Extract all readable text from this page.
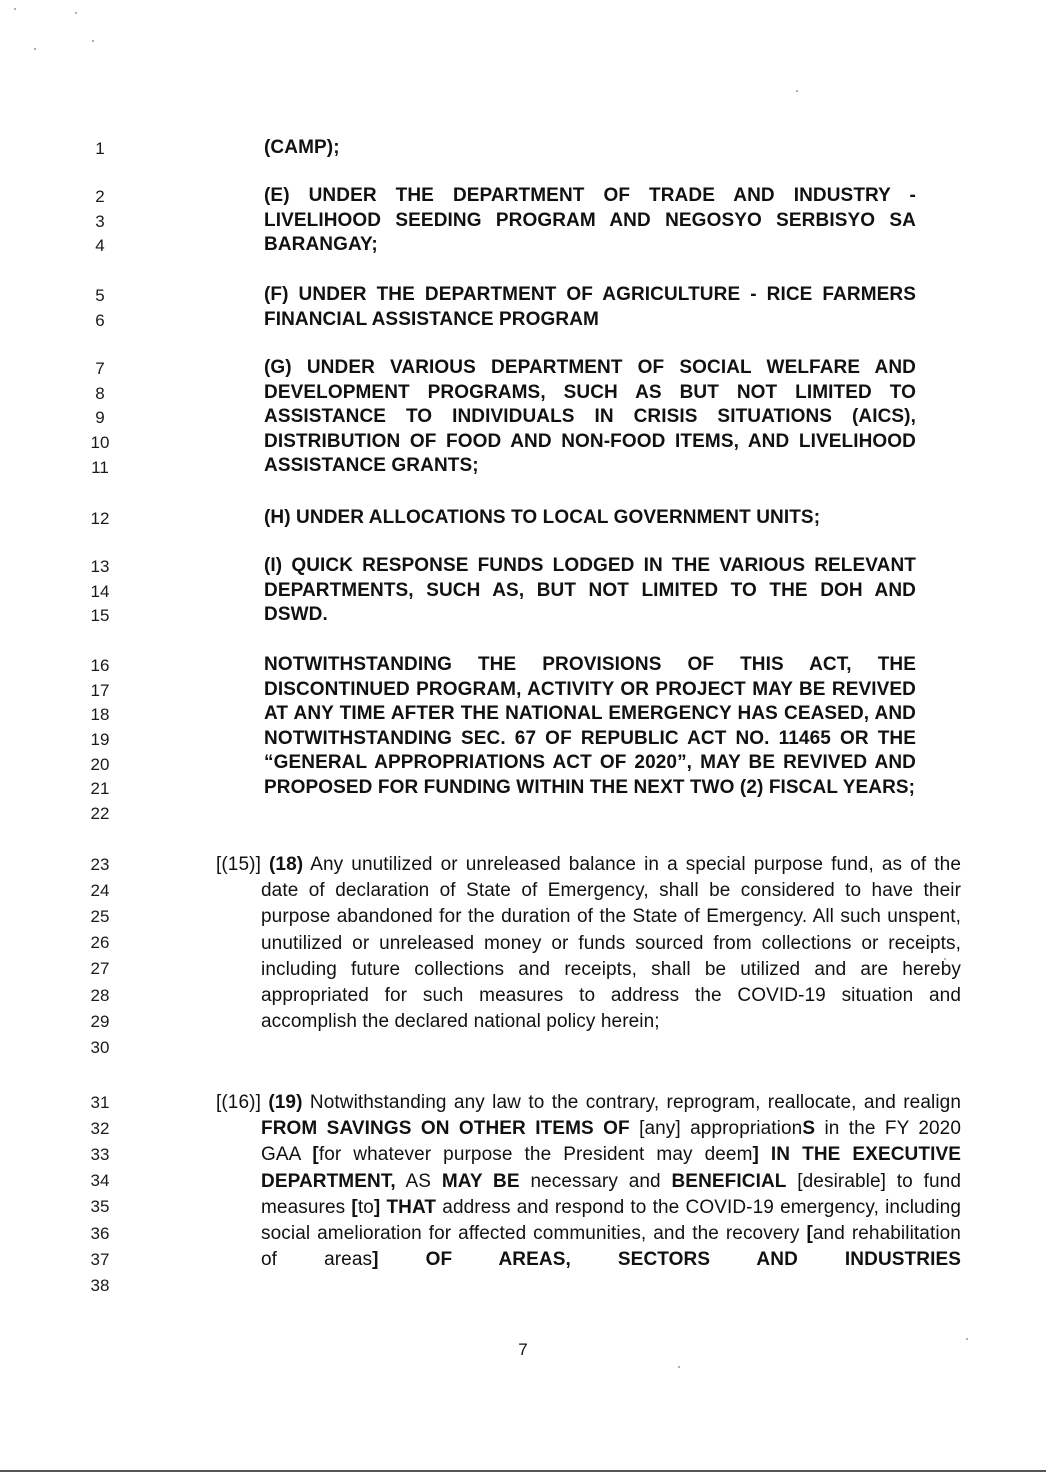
1
2
3
4
5
6
7
8
9
10
11
12
13
14
15
16
17
18
19
20
21
22
23
24
25
26
27
28
29
30
31
32
33
34
35
36
37
38
(CAMP);
(E) UNDER THE DEPARTMENT OF TRADE AND INDUSTRY - LIVELIHOOD SEEDING PROGRAM AND NEGOSYO SERBISYO SA BARANGAY;
(F) UNDER THE DEPARTMENT OF AGRICULTURE - RICE FARMERS FINANCIAL ASSISTANCE PROGRAM
(G) UNDER VARIOUS DEPARTMENT OF SOCIAL WELFARE AND DEVELOPMENT PROGRAMS, SUCH AS BUT NOT LIMITED TO ASSISTANCE TO INDIVIDUALS IN CRISIS SITUATIONS (AICS), DISTRIBUTION OF FOOD AND NON-FOOD ITEMS, AND LIVELIHOOD ASSISTANCE GRANTS;
(H) UNDER ALLOCATIONS TO LOCAL GOVERNMENT UNITS;
(I) QUICK RESPONSE FUNDS LODGED IN THE VARIOUS RELEVANT DEPARTMENTS, SUCH AS, BUT NOT LIMITED TO THE DOH AND DSWD.
NOTWITHSTANDING THE PROVISIONS OF THIS ACT, THE DISCONTINUED PROGRAM, ACTIVITY OR PROJECT MAY BE REVIVED AT ANY TIME AFTER THE NATIONAL EMERGENCY HAS CEASED, AND NOTWITHSTANDING SEC. 67 OF REPUBLIC ACT NO. 11465 OR THE “GENERAL APPROPRIATIONS ACT OF 2020”, MAY BE REVIVED AND PROPOSED FOR FUNDING WITHIN THE NEXT TWO (2) FISCAL YEARS;
[(15)] (18) Any unutilized or unreleased balance in a special purpose fund, as of the date of declaration of State of Emergency, shall be considered to have their purpose abandoned for the duration of the State of Emergency. All such unspent, unutilized or unreleased money or funds sourced from collections or receipts, including future collections and receipts, shall be utilized and are hereby appropriated for such measures to address the COVID-19 situation and accomplish the declared national policy herein;
[(16)] (19) Notwithstanding any law to the contrary, reprogram, reallocate, and realign FROM SAVINGS ON OTHER ITEMS OF [any] appropriationS in the FY 2020 GAA [for whatever purpose the President may deem] IN THE EXECUTIVE DEPARTMENT, AS MAY BE necessary and BENEFICIAL [desirable] to fund measures [to] THAT address and respond to the COVID-19 emergency, including social amelioration for affected communities, and the recovery [and rehabilitation of areas] OF AREAS, SECTORS AND INDUSTRIES
7
